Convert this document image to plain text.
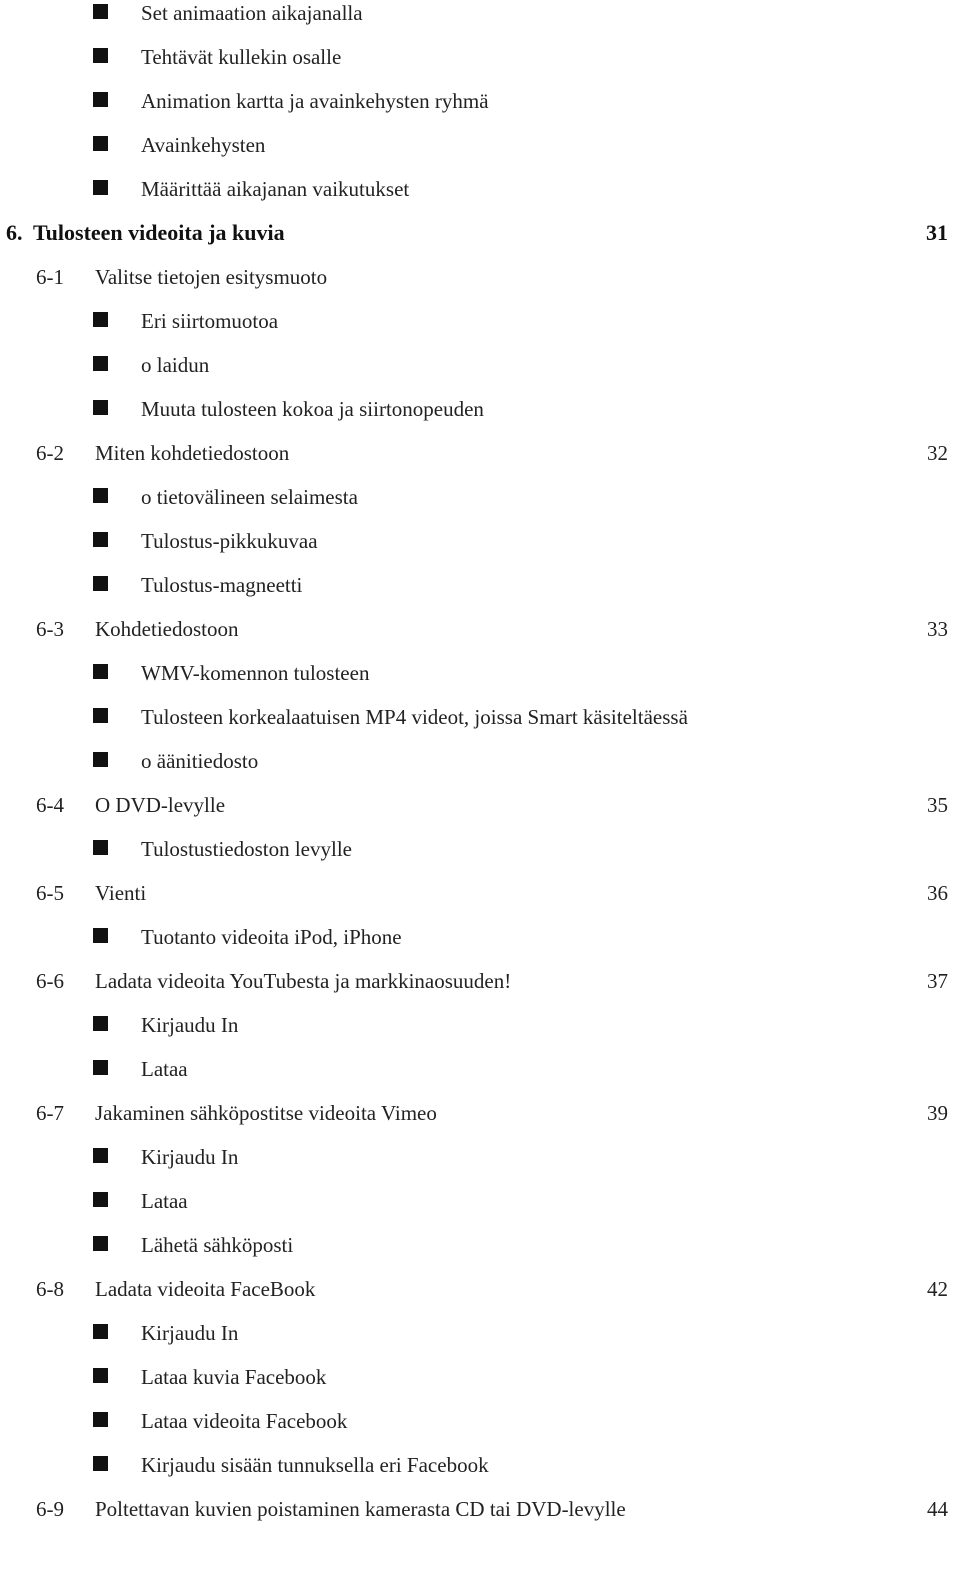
Set animaation aikajanalla
Tehtävät kullekin osalle
Animation kartta ja avainkehysten ryhmä
Avainkehysten
Määrittää aikajanan vaikutukset
6. Tulosteen videoita ja kuvia	31
6-1 Valitse tietojen esitysmuoto
Eri siirtomuotoa
o laidun
Muuta tulosteen kokoa ja siirtonopeuden
6-2 Miten kohdetiedostoon	32
o tietovälineen selaimesta
Tulostus-pikkukuvaa
Tulostus-magneetti
6-3 Kohdetiedostoon	33
WMV-komennon tulosteen
Tulosteen korkealaatuisen MP4 videot, joissa Smart käsiteltäessä
o äänitiedosto
6-4 O DVD-levylle	35
Tulostustiedoston levylle
6-5 Vienti	36
Tuotanto videoita iPod, iPhone
6-6 Ladata videoita YouTubesta ja markkinaosuuden!	37
Kirjaudu In
Lataa
6-7 Jakaminen sähköpostitse videoita Vimeo	39
Kirjaudu In
Lataa
Lähetä sähköposti
6-8 Ladata videoita FaceBook	42
Kirjaudu In
Lataa kuvia Facebook
Lataa videoita Facebook
Kirjaudu sisään tunnuksella eri Facebook
6-9 Poltettavan kuvien poistaminen kamerasta CD tai DVD-levylle	44
